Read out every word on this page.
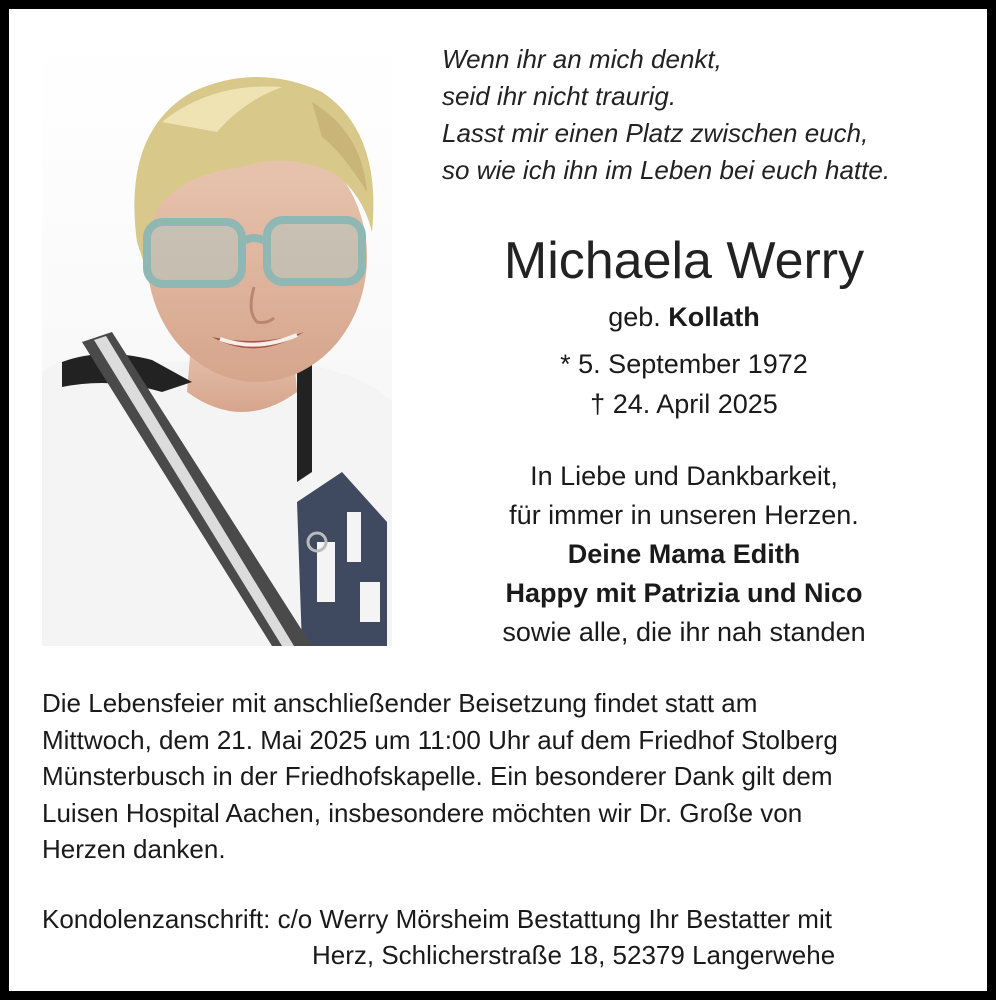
Wenn ihr an mich denkt,
seid ihr nicht traurig.
Lasst mir einen Platz zwischen euch,
so wie ich ihn im Leben bei euch hatte.
Michaela Werry
geb. Kollath
* 5. September 1972
† 24. April 2025
In Liebe und Dankbarkeit,
für immer in unseren Herzen.
Deine Mama Edith
Happy mit Patrizia und Nico
sowie alle, die ihr nah standen
Die Lebensfeier mit anschließender Beisetzung findet statt am
Mittwoch, dem 21. Mai 2025 um 11:00 Uhr auf dem Friedhof Stolberg
Münsterbusch in der Friedhofskapelle. Ein besonderer Dank gilt dem
Luisen Hospital Aachen, insbesondere möchten wir Dr. Große von
Herzen danken.
Kondolenzanschrift: c/o Werry Mörsheim Bestattung Ihr Bestatter mit
Herz, Schlicherstraße 18, 52379 Langerwehe
